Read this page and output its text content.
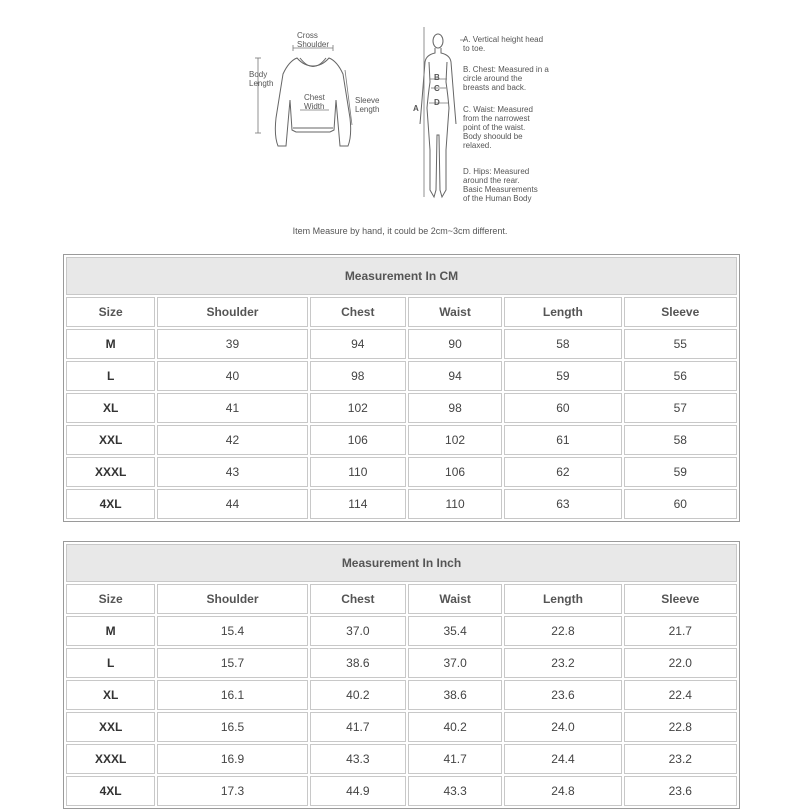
Cross
Shoulder
Body
Length
Chest
Width
Sleeve
Length
B
C
D
A
A. Vertical height head
to toe.
B. Chest: Measured in a
circle around the
breasts and back.
C. Waist: Measured
from the narrowest
point of the waist.
Body shoould be
relaxed.
D. Hips: Measured
around the rear.
Basic Measurements
of the Human Body
Item Measure by hand, it could be 2cm~3cm different.
Measurement In CM					
Size	Shoulder	Chest	Waist	Length	Sleeve
M	39	94	90	58	55
L	40	98	94	59	56
XL	41	102	98	60	57
XXL	42	106	102	61	58
XXXL	43	110	106	62	59
4XL	44	114	110	63	60
Measurement In Inch					
Size	Shoulder	Chest	Waist	Length	Sleeve
M	15.4	37.0	35.4	22.8	21.7
L	15.7	38.6	37.0	23.2	22.0
XL	16.1	40.2	38.6	23.6	22.4
XXL	16.5	41.7	40.2	24.0	22.8
XXXL	16.9	43.3	41.7	24.4	23.2
4XL	17.3	44.9	43.3	24.8	23.6
